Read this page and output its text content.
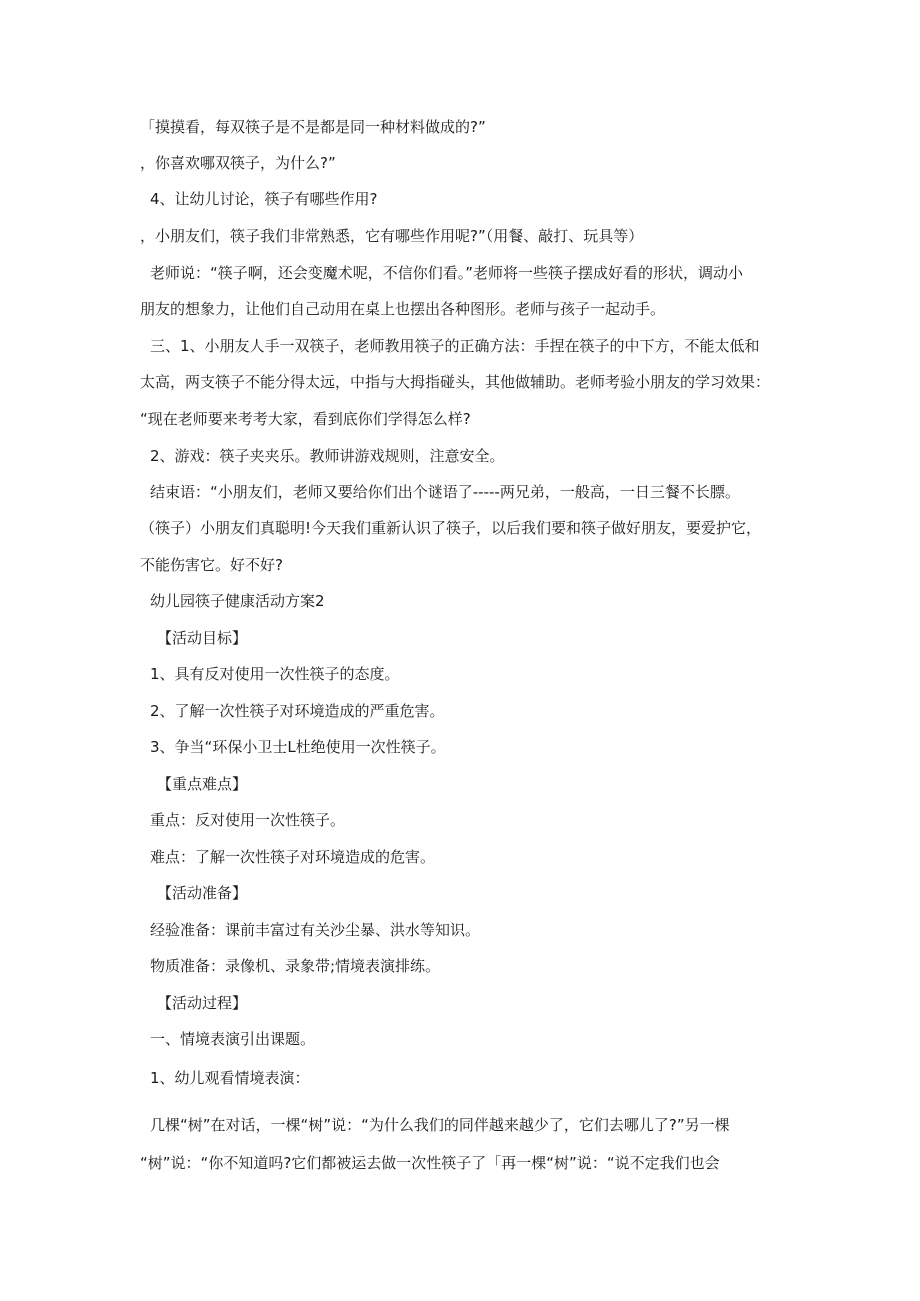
「摸摸看，每双筷子是不是都是同一种材料做成的?”
，你喜欢哪双筷子，为什么?”
4、让幼儿讨论，筷子有哪些作用?
，小朋友们，筷子我们非常熟悉，它有哪些作用呢?”（用餐、敲打、玩具等）
老师说：“筷子啊，还会变魔术呢，不信你们看。”老师将一些筷子摆成好看的形状，调动小
朋友的想象力，让他们自己动用在桌上也摆出各种图形。老师与孩子一起动手。
三、1、小朋友人手一双筷子，老师教用筷子的正确方法：手捏在筷子的中下方，不能太低和
太高，两支筷子不能分得太远，中指与大拇指碰头，其他做辅助。老师考验小朋友的学习效果：
“现在老师要来考考大家，看到底你们学得怎么样?
2、游戏：筷子夹夹乐。教师讲游戏规则，注意安全。
结束语：“小朋友们，老师又要给你们出个谜语了-----两兄弟，一般高，一日三餐不长膘。
（筷子）小朋友们真聪明!今天我们重新认识了筷子，以后我们要和筷子做好朋友，要爱护它，
不能伤害它。好不好?
幼儿园筷子健康活动方案2
【活动目标】
1、具有反对使用一次性筷子的态度。
2、了解一次性筷子对环境造成的严重危害。
3、争当“环保小卫士L杜绝使用一次性筷子。
【重点难点】
重点：反对使用一次性筷子。
难点：了解一次性筷子对环境造成的危害。
【活动准备】
经验准备：课前丰富过有关沙尘暴、洪水等知识。
物质准备：录像机、录象带;情境表演排练。
【活动过程】
一、情境表演引出课题。
1、幼儿观看情境表演：
几棵“树”在对话，一棵“树”说：“为什么我们的同伴越来越少了，它们去哪儿了?”另一棵
“树”说：“你不知道吗?它们都被运去做一次性筷子了「再一棵“树”说：“说不定我们也会
